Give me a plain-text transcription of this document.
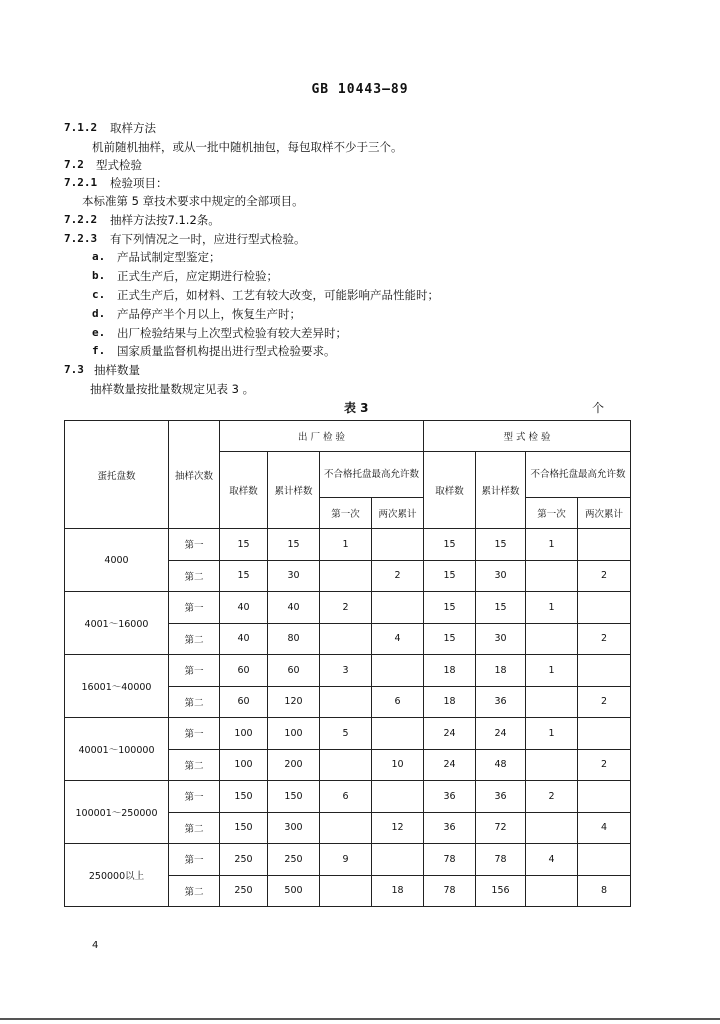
GB 10443—89
7.1.2 取样方法
机前随机抽样，或从一批中随机抽包，每包取样不少于三个。
7.2 型式检验
7.2.1 检验项目：
本标准第 5 章技术要求中规定的全部项目。
7.2.2 抽样方法按7.1.2条。
7.2.3 有下列情况之一时，应进行型式检验。
a. 产品试制定型鉴定；
b. 正式生产后，应定期进行检验；
c. 正式生产后，如材料、工艺有较大改变，可能影响产品性能时；
d. 产品停产半个月以上，恢复生产时；
e. 出厂检验结果与上次型式检验有较大差异时；
f. 国家质量监督机构提出进行型式检验要求。
7.3 抽样数量
抽样数量按批量数规定见表 3 。
表 3	个
蛋托盘数	抽样次数	出 厂 检 验				型 式 检 验			
		取样数	累计样数	不合格托盘最高允许数		取样数	累计样数	不合格托盘最高允许数	
				第一次	两次累计			第一次	两次累计
4000	第一	15	15	1		15	15	1	
	第二	15	30		2	15	30		2
4001～16000	第一	40	40	2		15	15	1	
	第二	40	80		4	15	30		2
16001～40000	第一	60	60	3		18	18	1	
	第二	60	120		6	18	36		2
40001～100000	第一	100	100	5		24	24	1	
	第二	100	200		10	24	48		2
100001～250000	第一	150	150	6		36	36	2	
	第二	150	300		12	36	72		4
250000以上	第一	250	250	9		78	78	4	
	第二	250	500		18	78	156		8
4
